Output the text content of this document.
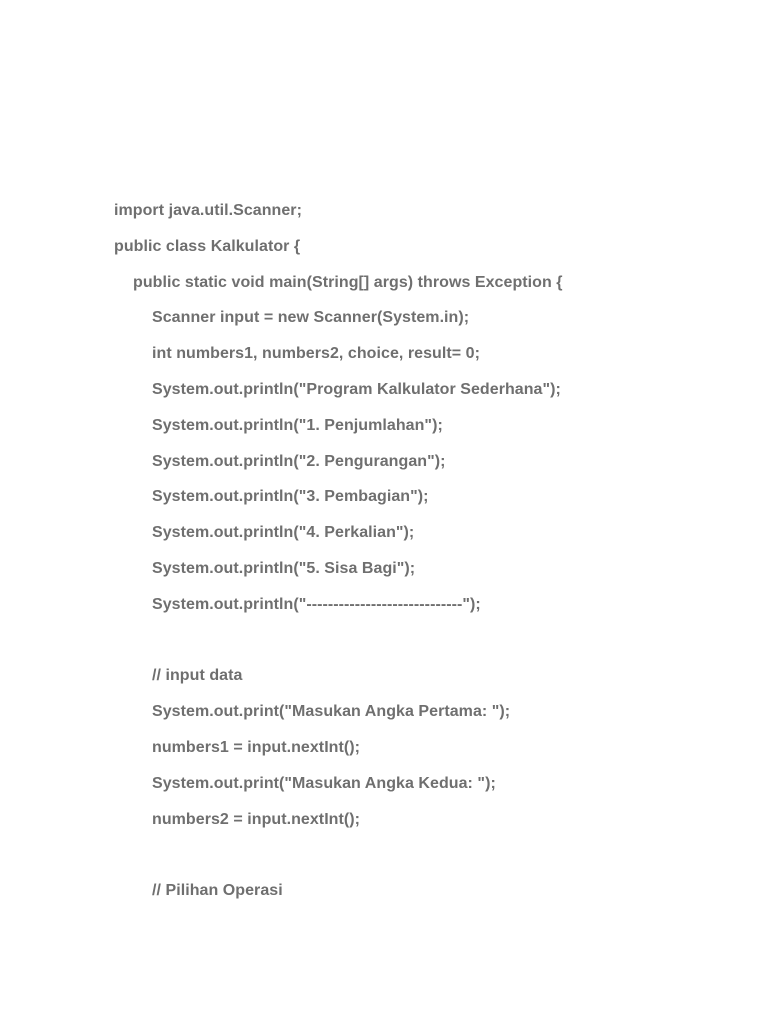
import java.util.Scanner;
public class Kalkulator {
public static void main(String[] args) throws Exception {
Scanner input = new Scanner(System.in);
int numbers1, numbers2, choice, result= 0;
System.out.println("Program Kalkulator Sederhana");
System.out.println("1. Penjumlahan");
System.out.println("2. Pengurangan");
System.out.println("3. Pembagian");
System.out.println("4. Perkalian");
System.out.println("5. Sisa Bagi");
System.out.println("-----------------------------");
// input data
System.out.print("Masukan Angka Pertama: ");
numbers1 = input.nextInt();
System.out.print("Masukan Angka Kedua: ");
numbers2 = input.nextInt();
// Pilihan Operasi
